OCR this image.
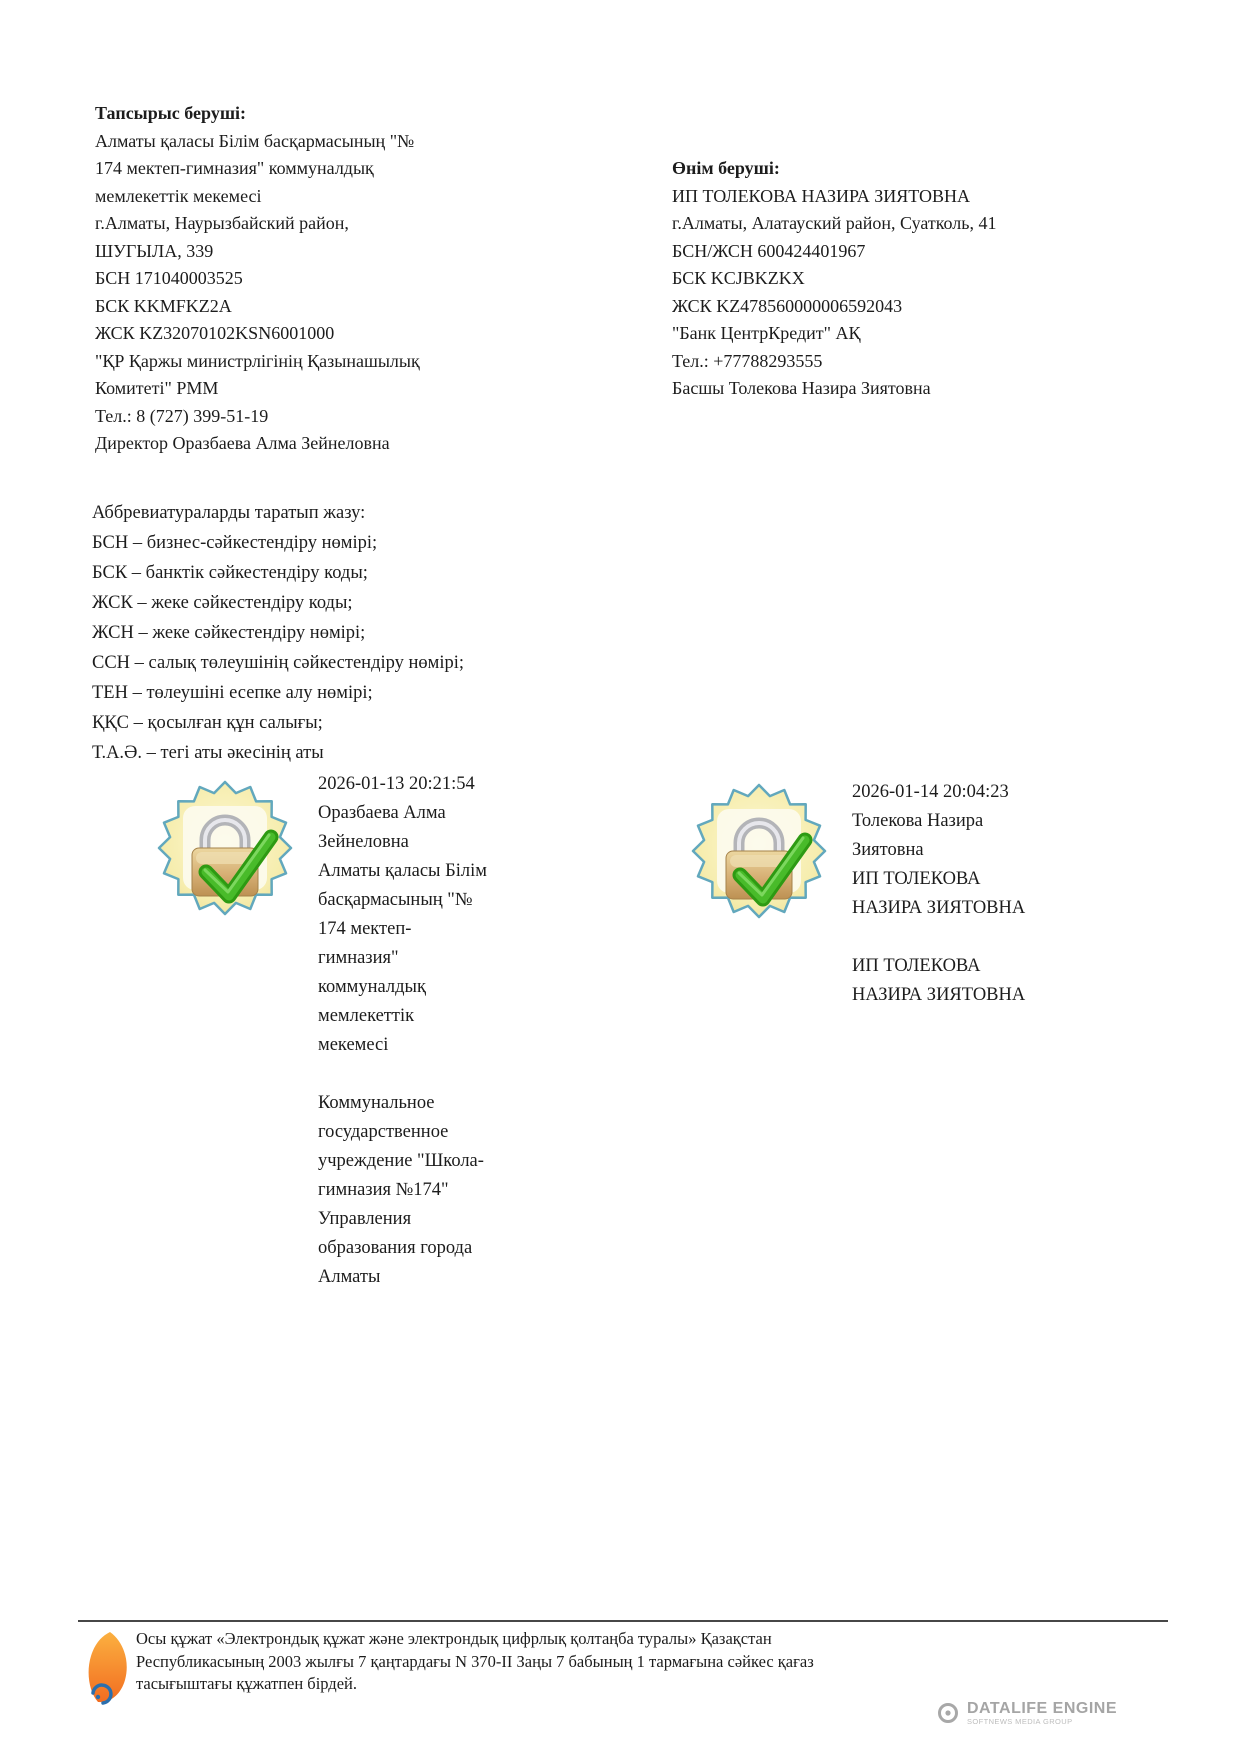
Тапсырыс беруші:
Алматы қаласы Білім басқармасының "№
174 мектеп-гимназия" коммуналдық
мемлекеттік мекемесі
г.Алматы, Наурызбайский район,
ШУГЫЛА, 339
БСН 171040003525
БСК KKMFKZ2A
ЖСК KZ32070102KSN6001000
"ҚР Қаржы министрлігінің Қазынашылық
Комитеті" РММ
Тел.: 8 (727) 399-51-19
Директор Оразбаева Алма Зейнеловна
Өнім беруші:
ИП ТОЛЕКОВА НАЗИРА ЗИЯТОВНА
г.Алматы, Алатауский район, Суатколь, 41
БСН/ЖСН 600424401967
БСК KCJBKZKX
ЖСК KZ478560000006592043
"Банк ЦентрКредит" АҚ
Тел.: +77788293555
Басшы Толекова Назира Зиятовна
Аббревиатураларды таратып жазу:
БСН – бизнес-сәйкестендіру нөмірі;
БСК – банктік сәйкестендіру коды;
ЖСК – жеке сәйкестендіру коды;
ЖСН – жеке сәйкестендіру нөмірі;
ССН – салық төлеушінің сәйкестендіру нөмірі;
ТЕН – төлеушіні есепке алу нөмірі;
ҚҚС – қосылған құн салығы;
Т.А.Ә. – тегі аты әкесінің аты
2026-01-13 20:21:54
Оразбаева Алма
Зейнеловна
Алматы қаласы Білім
басқармасының "№
174 мектеп-
гимназия"
коммуналдық
мемлекеттік
мекемесі

Коммунальное
государственное
учреждение "Школа-
гимназия №174"
Управления
образования города
Алматы
2026-01-14 20:04:23
Толекова Назира
Зиятовна
ИП ТОЛЕКОВА
НАЗИРА ЗИЯТОВНА

ИП ТОЛЕКОВА
НАЗИРА ЗИЯТОВНА
Осы құжат «Электрондық құжат және электрондық цифрлық қолтаңба туралы» Қазақстан
Республикасының 2003 жылғы 7 қаңтардағы N 370-II Заңы 7 бабының 1 тармағына сәйкес қағаз
тасығыштағы құжатпен бірдей.
DATALIFE ENGINE
SOFTNEWS MEDIA GROUP
